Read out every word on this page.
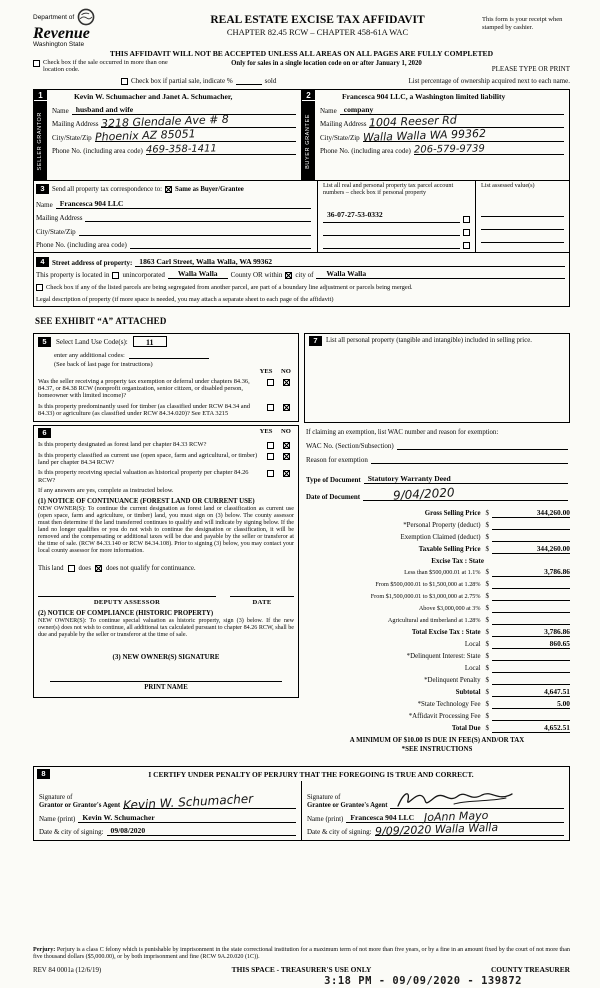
Department of
Revenue
Washington State
REAL ESTATE EXCISE TAX AFFIDAVIT
CHAPTER 82.45 RCW – CHAPTER 458-61A WAC
This form is your receipt when stamped by cashier.
THIS AFFIDAVIT WILL NOT BE ACCEPTED UNLESS ALL AREAS ON ALL PAGES ARE FULLY COMPLETED
Check box if the sale occurred in more than one location code.
Only for sales in a single location code on or after January 1, 2020
PLEASE TYPE OR PRINT
Check box if partial sale, indicate %	sold	List percentage of ownership acquired next to each name.
1
SELLER GRANTOR
Kevin W. Schumacher and Janet A. Schumacher,
Name husband and wife
Mailing Address 3218 Glendale Ave # 8
City/State/Zip Phoenix AZ 85051
Phone No. (including area code) 469-358-1411
2
BUYER GRANTEE
Francesca 904 LLC, a Washington limited liability
Name company
Mailing Address 1004 Reeser Rd
City/State/Zip Walla Walla WA 99362
Phone No. (including area code) 206-579-9739
3	Send all property tax correspondence to: Same as Buyer/Grantee
Name Francesca 904 LLC
Mailing Address
City/State/Zip
Phone No. (including area code)
List all real and personal property tax parcel account numbers – check box if personal property
36-07-27-53-0332
List assessed value(s)
4	Street address of property: 1863 Carl Street, Walla Walla, WA 99362
This property is located in unincorporated	Walla Walla	County OR within city of	Walla Walla
Check box if any of the listed parcels are being segregated from another parcel, are part of a boundary line adjustment or parcels being merged.
Legal description of property (if more space is needed, you may attach a separate sheet to each page of the affidavit)
SEE EXHIBIT “A” ATTACHED
5	Select Land Use Code(s):	11
enter any additional codes:
(See back of last page for instructions)
YES	NO
Was the seller receiving a property tax exemption or deferral under chapters 84.36, 84.37, or 84.38 RCW (nonprofit organization, senior citizen, or disabled person, homeowner with limited income)?
Is this property predominantly used for timber (as classified under RCW 84.34 and 84.33) or agriculture (as classified under RCW 84.34.020)? See ETA 3215
6	YES	NO
Is this property designated as forest land per chapter 84.33 RCW?
Is this property classified as current use (open space, farm and agricultural, or timber) land per chapter 84.34 RCW?
Is this property receiving special valuation as historical property per chapter 84.26 RCW?
If any answers are yes, complete as instructed below.
(1) NOTICE OF CONTINUANCE (FOREST LAND OR CURRENT USE)
NEW OWNER(S): To continue the current designation as forest land or classification as current use (open space, farm and agriculture, or timber) land, you must sign on (3) below. The county assessor must then determine if the land transferred continues to qualify and will indicate by signing below. If the land no longer qualifies or you do not wish to continue the designation or classification, it will be removed and the compensating or additional taxes will be due and payable by the seller or transferor at the time of sale. (RCW 84.33.140 or RCW 84.34.108). Prior to signing (3) below, you may contact your local county assessor for more information.
This land does does not qualify for continuance.
DEPUTY ASSESSOR	DATE
(2) NOTICE OF COMPLIANCE (HISTORIC PROPERTY)
NEW OWNER(S): To continue special valuation as historic property, sign (3) below. If the new owner(s) does not wish to continue, all additional tax calculated pursuant to chapter 84.26 RCW, shall be due and payable by the seller or transferor at the time of sale.
(3) NEW OWNER(S) SIGNATURE
PRINT NAME
7	List all personal property (tangible and intangible) included in selling price.
If claiming an exemption, list WAC number and reason for exemption:
WAC No. (Section/Subsection)
Reason for exemption
Type of Document Statutory Warranty Deed
Date of Document	9/04/2020
Gross Selling Price $	344,260.00
*Personal Property (deduct) $
Exemption Claimed (deduct) $
Taxable Selling Price $	344,260.00
Excise Tax : State
Less than $500,000.01 at 1.1% $	3,786.86
From $500,000.01 to $1,500,000 at 1.28% $
From $1,500,000.01 to $3,000,000 at 2.75% $
Above $3,000,000 at 3% $
Agricultural and timberland at 1.28% $
Total Excise Tax : State $	3,786.86
Local $	860.65
*Delinquent Interest: State $
Local $
*Delinquent Penalty $
Subtotal $	4,647.51
*State Technology Fee $	5.00
*Affidavit Processing Fee $
Total Due $	4,652.51
A MINIMUM OF $10.00 IS DUE IN FEE(S) AND/OR TAX
*SEE INSTRUCTIONS
8	I CERTIFY UNDER PENALTY OF PERJURY THAT THE FOREGOING IS TRUE AND CORRECT.
Signature of
Grantor or Grantor's Agent Kevin W. Schumacher
Name (print) Kevin W. Schumacher
Date & city of signing: 09/08/2020
Signature of
Grantee or Grantee's Agent
Name (print) Francesca 904 LLC JoAnn Mayo
Date & city of signing: 9/09/2020 Walla Walla
Perjury: Perjury is a class C felony which is punishable by imprisonment in the state correctional institution for a maximum term of not more than five years, or by a fine in an amount fixed by the court of not more than five thousand dollars ($5,000.00), or by both imprisonment and fine (RCW 9A.20.020 (1C)).
REV 84 0001a (12/6/19)	THIS SPACE - TREASURER'S USE ONLY	COUNTY TREASURER
3:18 PM - 09/09/2020 - 139872
